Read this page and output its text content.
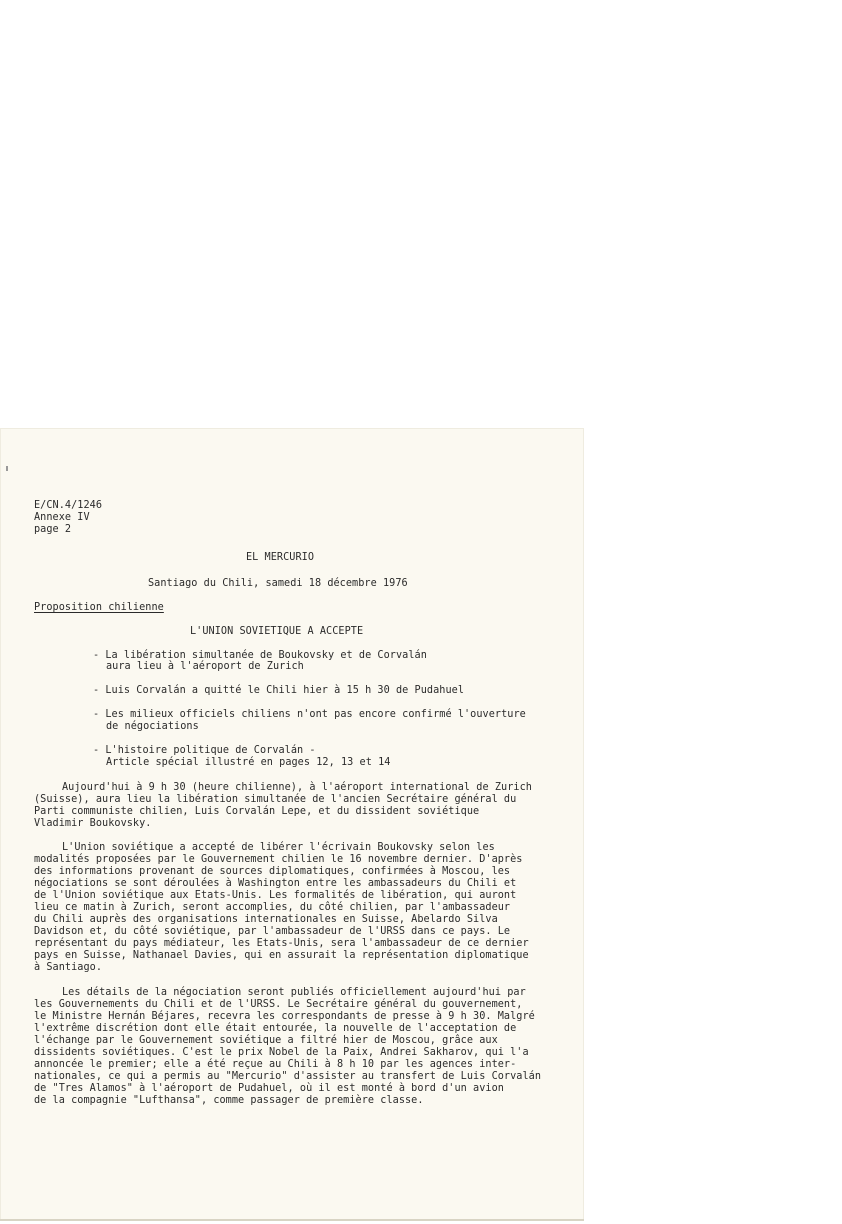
E/CN.4/1246
Annexe IV
page 2
EL MERCURIO
Santiago du Chili, samedi 18 décembre 1976
Proposition chilienne
L'UNION SOVIETIQUE A ACCEPTE
- La libération simultanée de Boukovsky et de Corvalán
aura lieu à l'aéroport de Zurich
- Luis Corvalán a quitté le Chili hier à 15 h 30 de Pudahuel
- Les milieux officiels chiliens n'ont pas encore confirmé l'ouverture
de négociations
- L'histoire politique de Corvalán -
Article spécial illustré en pages 12, 13 et 14
Aujourd'hui à 9 h 30 (heure chilienne), à l'aéroport international de Zurich
(Suisse), aura lieu la libération simultanée de l'ancien Secrétaire général du
Parti communiste chilien, Luis Corvalán Lepe, et du dissident soviétique
Vladimir Boukovsky.
L'Union soviétique a accepté de libérer l'écrivain Boukovsky selon les
modalités proposées par le Gouvernement chilien le 16 novembre dernier. D'après
des informations provenant de sources diplomatiques, confirmées à Moscou, les
négociations se sont déroulées à Washington entre les ambassadeurs du Chili et
de l'Union soviétique aux Etats-Unis. Les formalités de libération, qui auront
lieu ce matin à Zurich, seront accomplies, du côté chilien, par l'ambassadeur
du Chili auprès des organisations internationales en Suisse, Abelardo Silva
Davidson et, du côté soviétique, par l'ambassadeur de l'URSS dans ce pays. Le
représentant du pays médiateur, les Etats-Unis, sera l'ambassadeur de ce dernier
pays en Suisse, Nathanael Davies, qui en assurait la représentation diplomatique
à Santiago.
Les détails de la négociation seront publiés officiellement aujourd'hui par
les Gouvernements du Chili et de l'URSS. Le Secrétaire général du gouvernement,
le Ministre Hernán Béjares, recevra les correspondants de presse à 9 h 30. Malgré
l'extrême discrétion dont elle était entourée, la nouvelle de l'acceptation de
l'échange par le Gouvernement soviétique a filtré hier de Moscou, grâce aux
dissidents soviétiques. C'est le prix Nobel de la Paix, Andrei Sakharov, qui l'a
annoncée le premier; elle a été reçue au Chili à 8 h 10 par les agences inter-
nationales, ce qui a permis au "Mercurio" d'assister au transfert de Luis Corvalán
de "Tres Alamos" à l'aéroport de Pudahuel, où il est monté à bord d'un avion
de la compagnie "Lufthansa", comme passager de première classe.
